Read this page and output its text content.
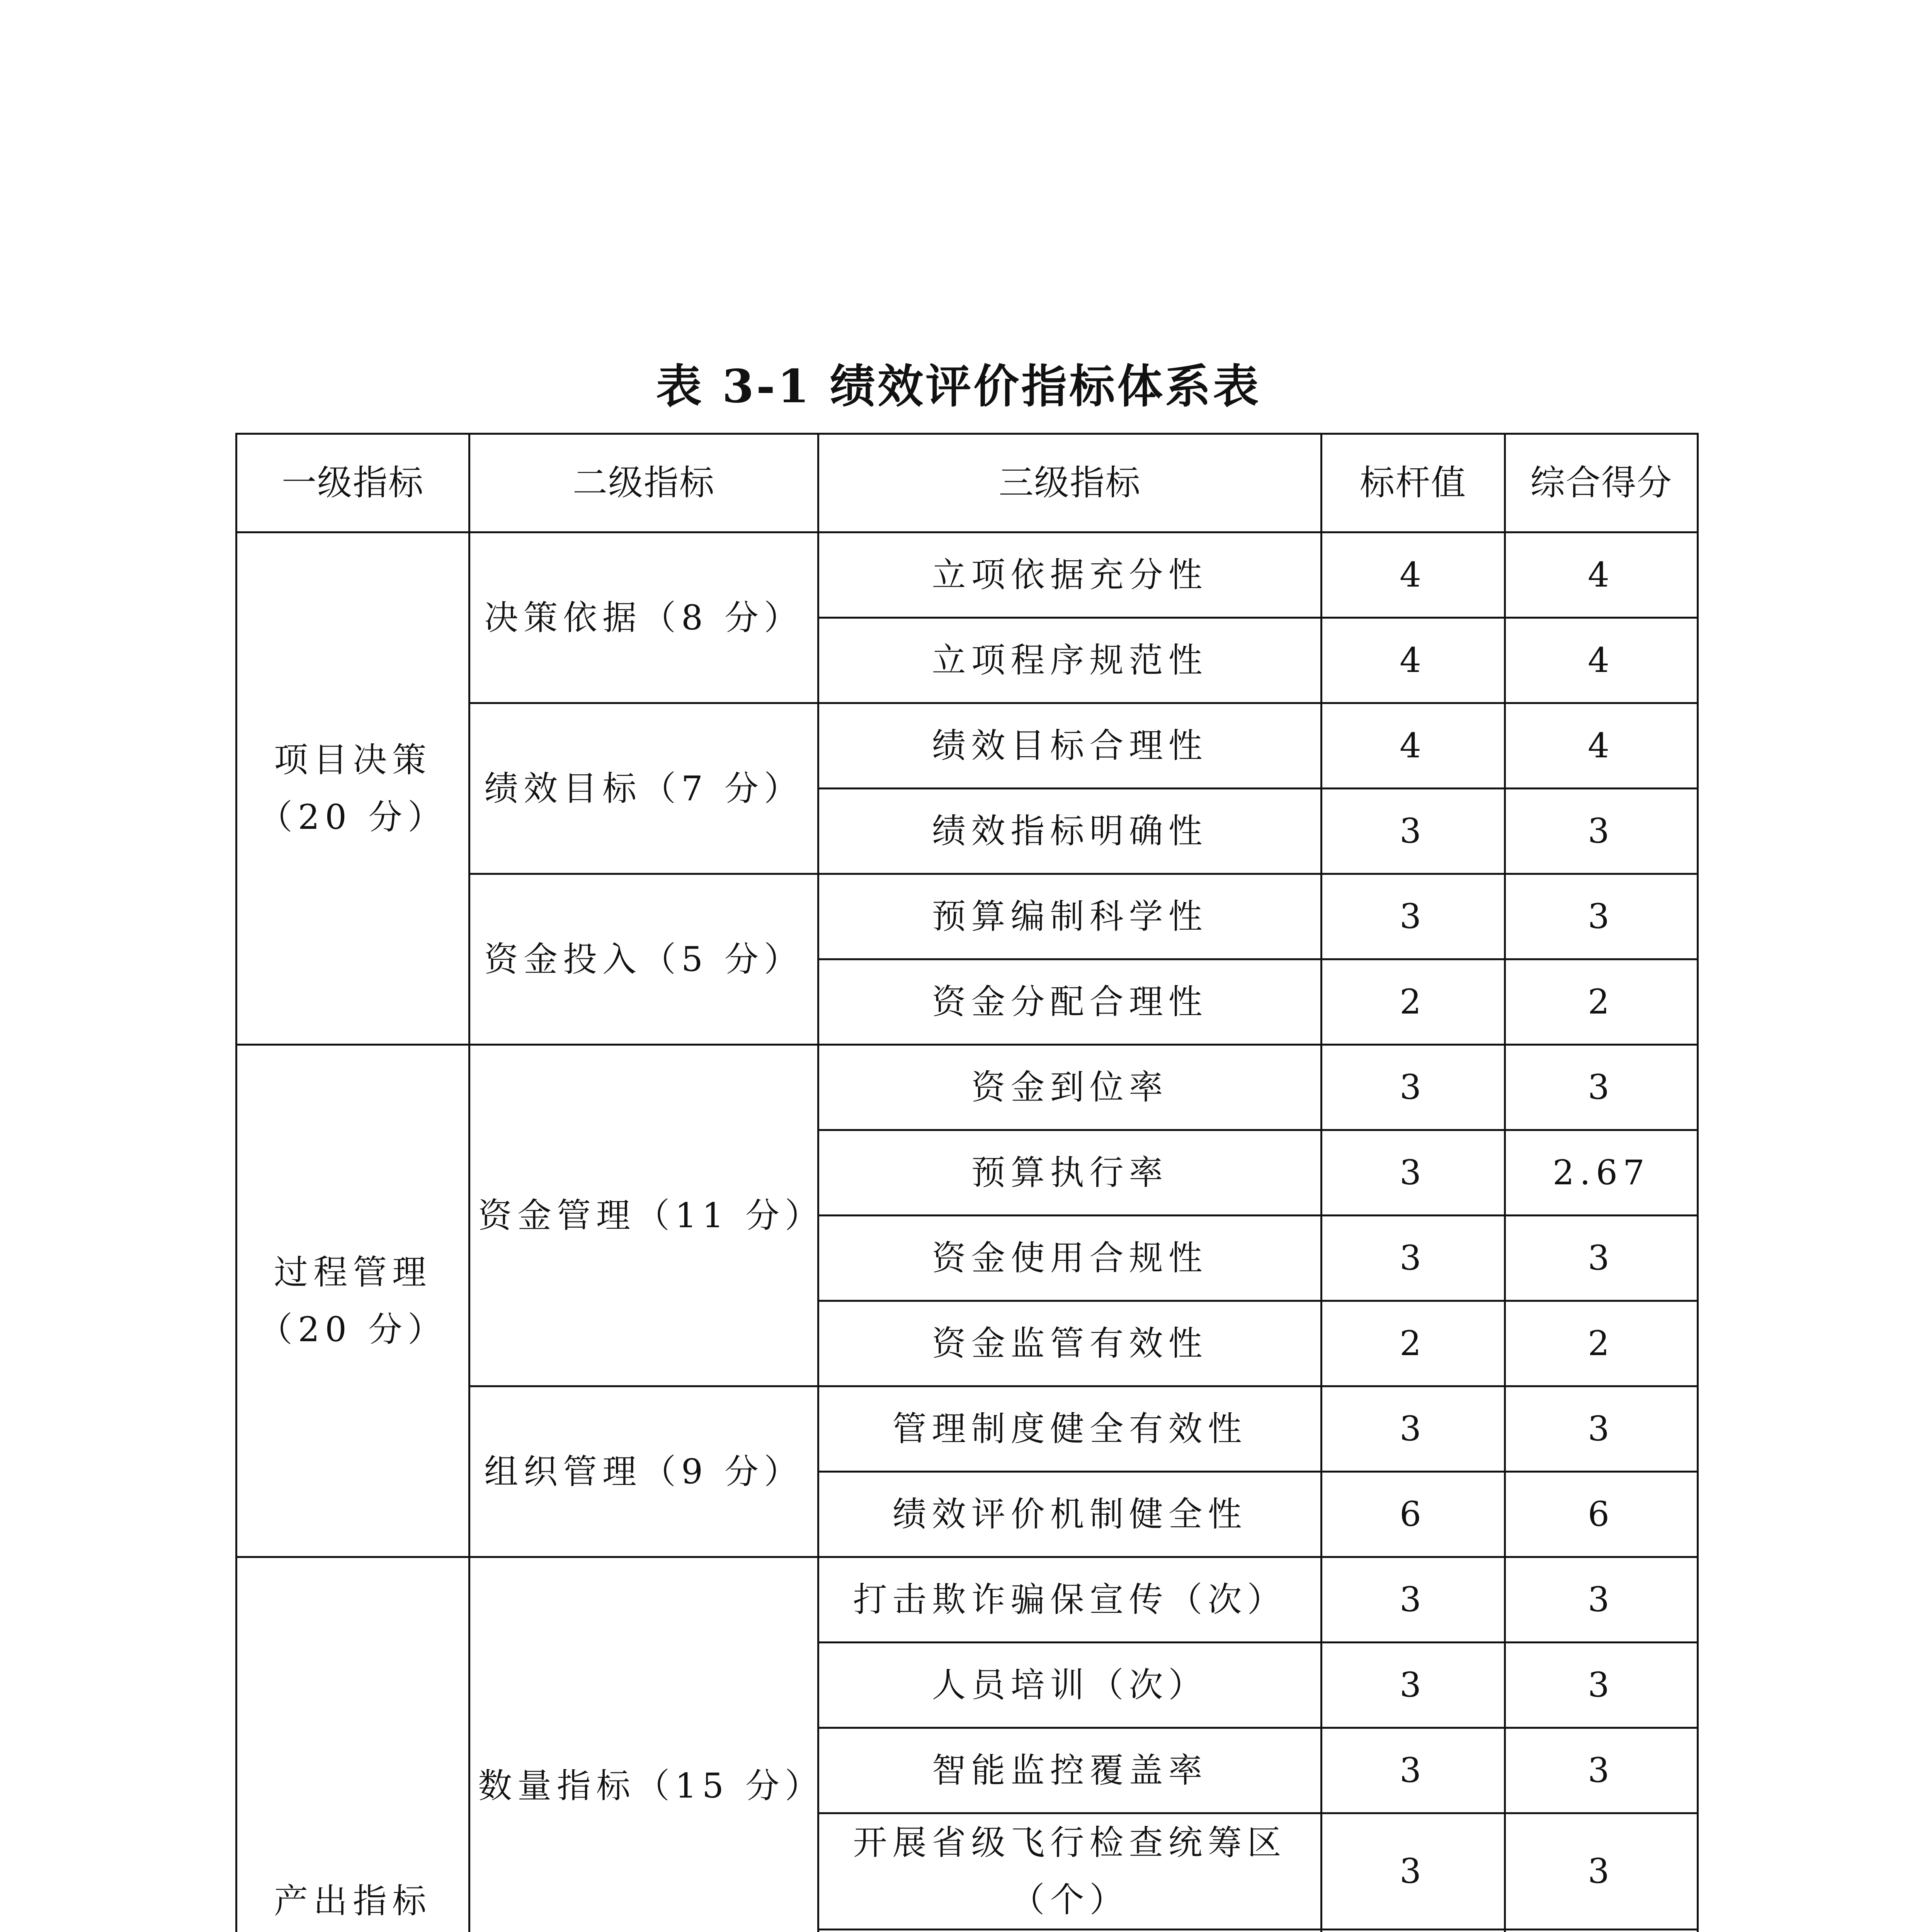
表 3-1 绩效评价指标体系表
一级指标	二级指标	三级指标	标杆值	综合得分
项目决策（20 分）	决策依据（8 分）	立项依据充分性	4	4
		立项程序规范性	4	4
	绩效目标（7 分）	绩效目标合理性	4	4
		绩效指标明确性	3	3
	资金投入（5 分）	预算编制科学性	3	3
		资金分配合理性	2	2
过程管理（20 分）	资金管理（11 分）	资金到位率	3	3
		预算执行率	3	2.67
		资金使用合规性	3	3
		资金监管有效性	2	2
	组织管理（9 分）	管理制度健全有效性	3	3
		绩效评价机制健全性	6	6
产出指标	数量指标（15 分）	打击欺诈骗保宣传（次）	3	3
		人员培训（次）	3	3
		智能监控覆盖率	3	3
		开展省级飞行检查统筹区（个）	3	3
